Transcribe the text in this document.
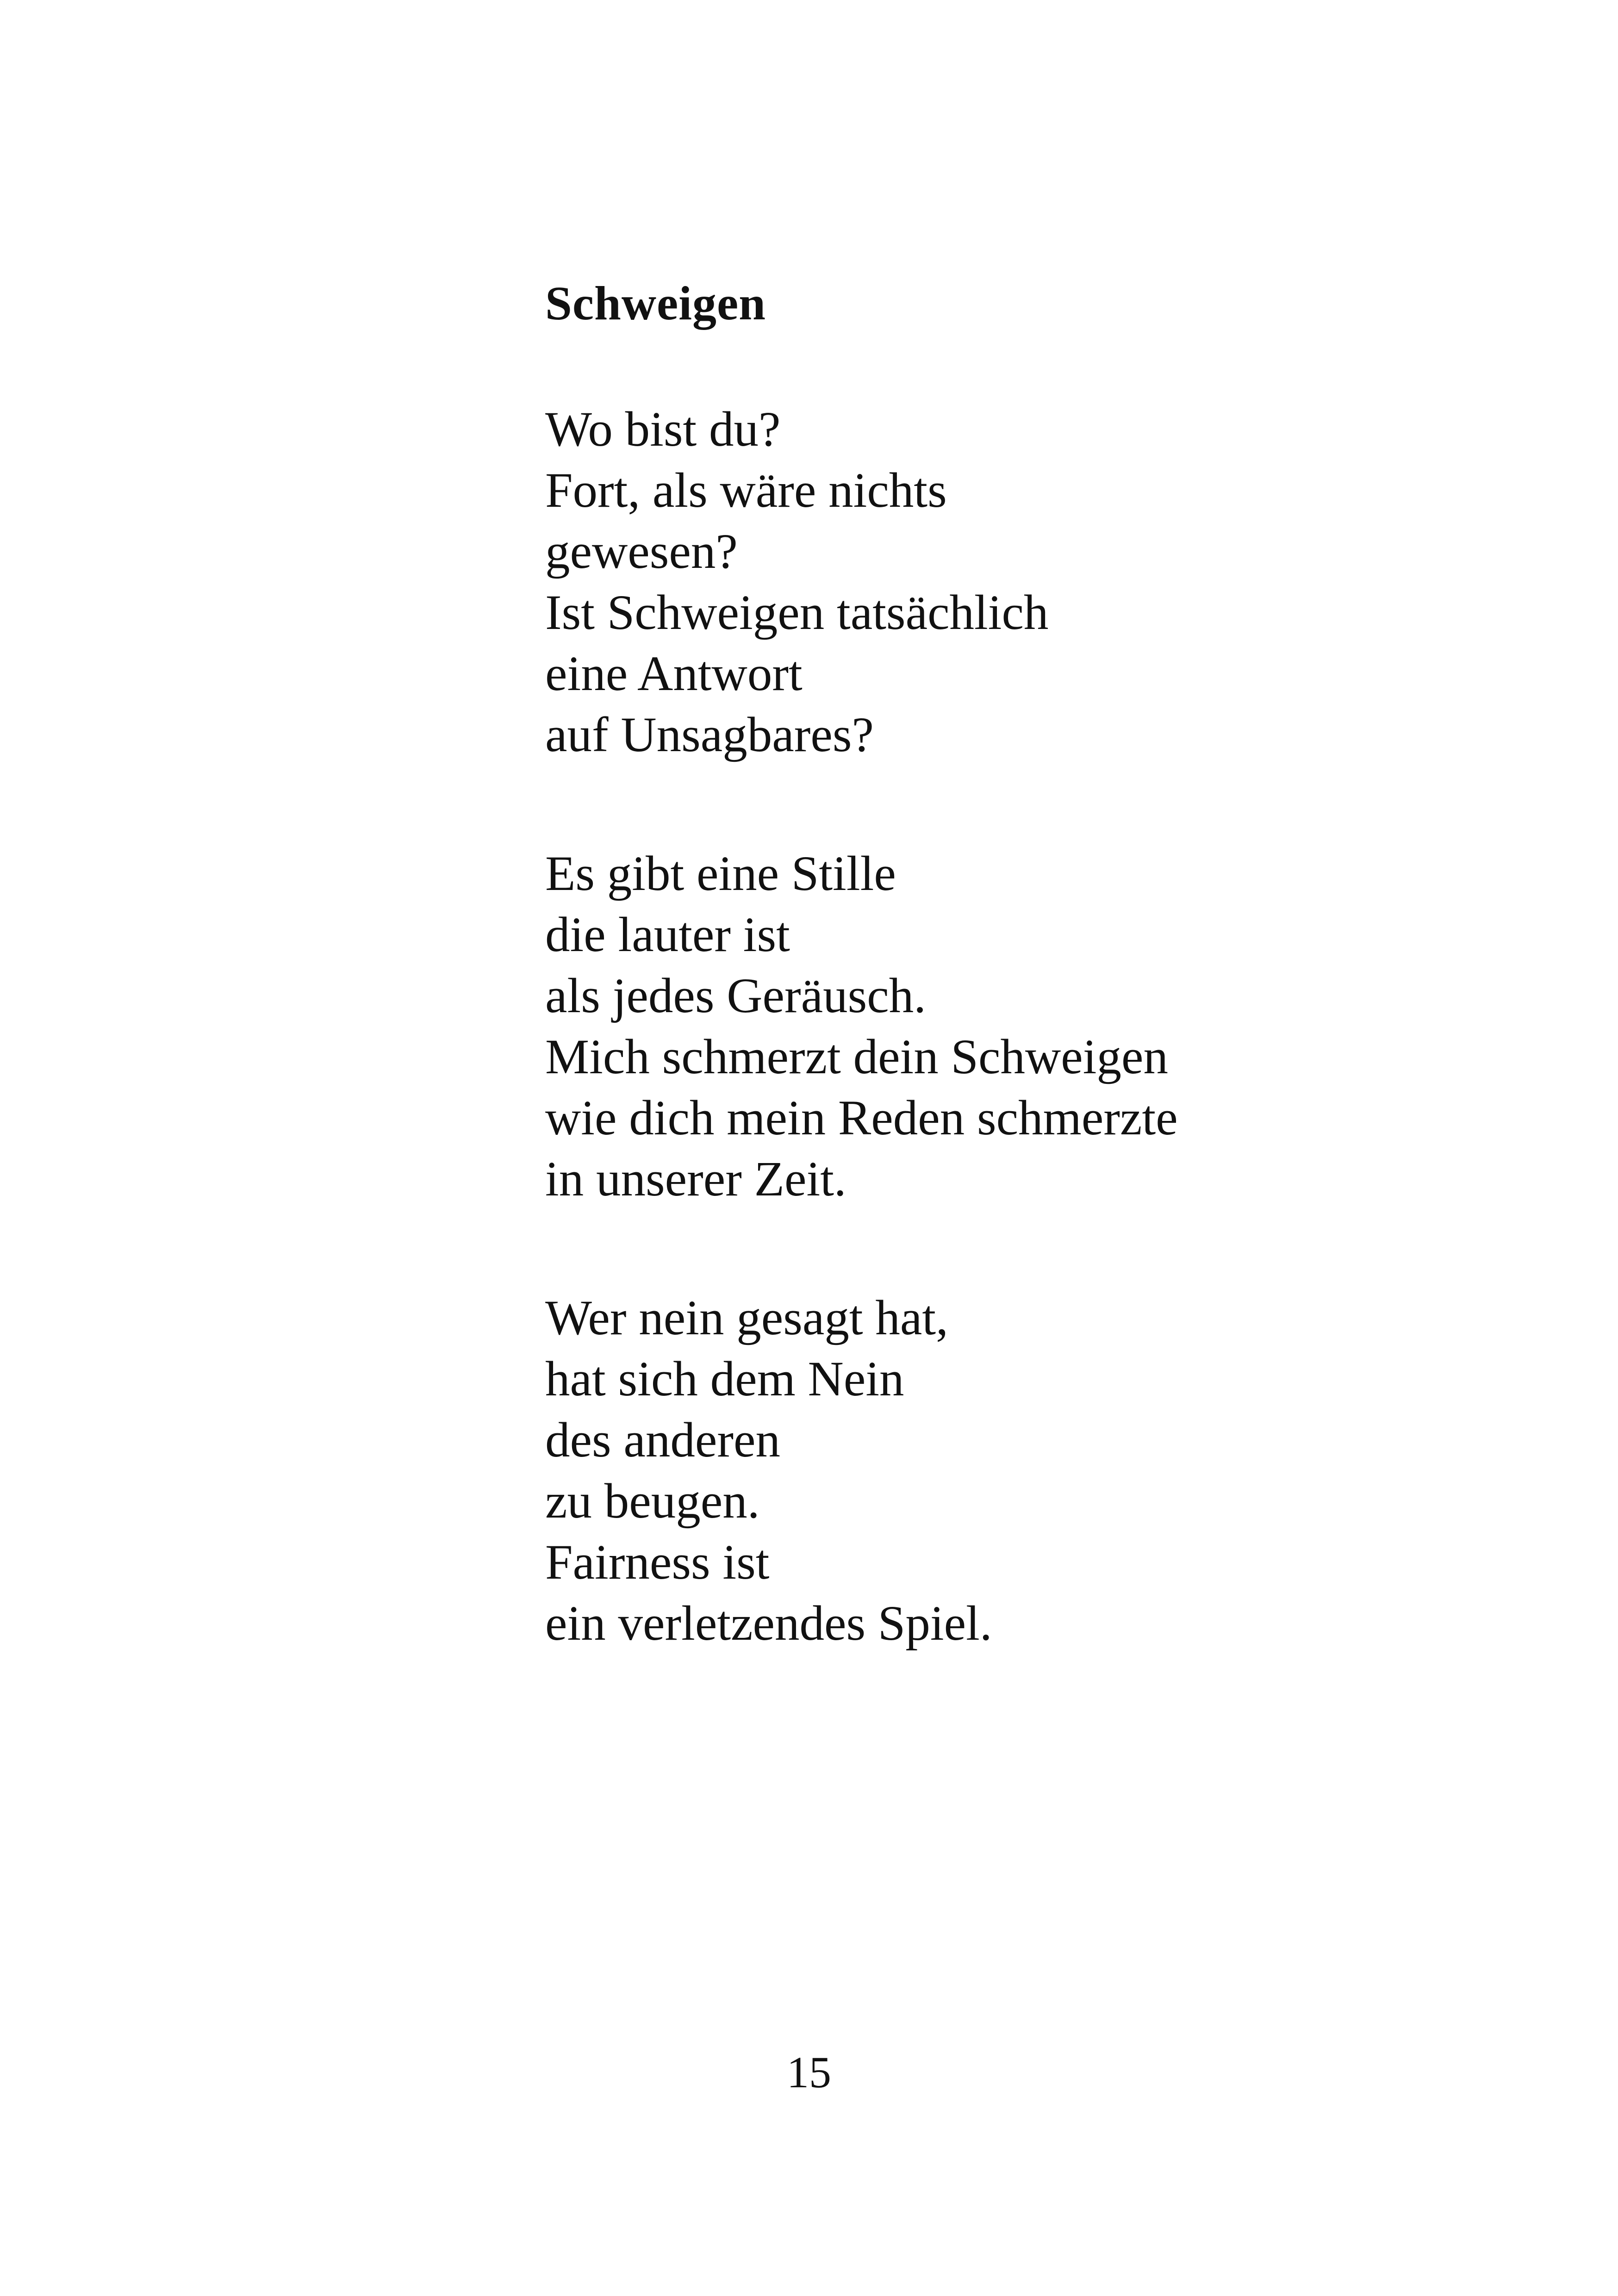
Schweigen
Wo bist du?
Fort, als wäre nichts
gewesen?
Ist Schweigen tatsächlich
eine Antwort
auf Unsagbares?
Es gibt eine Stille
die lauter ist
als jedes Geräusch.
Mich schmerzt dein Schweigen
wie dich mein Reden schmerzte
in unserer Zeit.
Wer nein gesagt hat,
hat sich dem Nein
des anderen
zu beugen.
Fairness ist
ein verletzendes Spiel.
15
